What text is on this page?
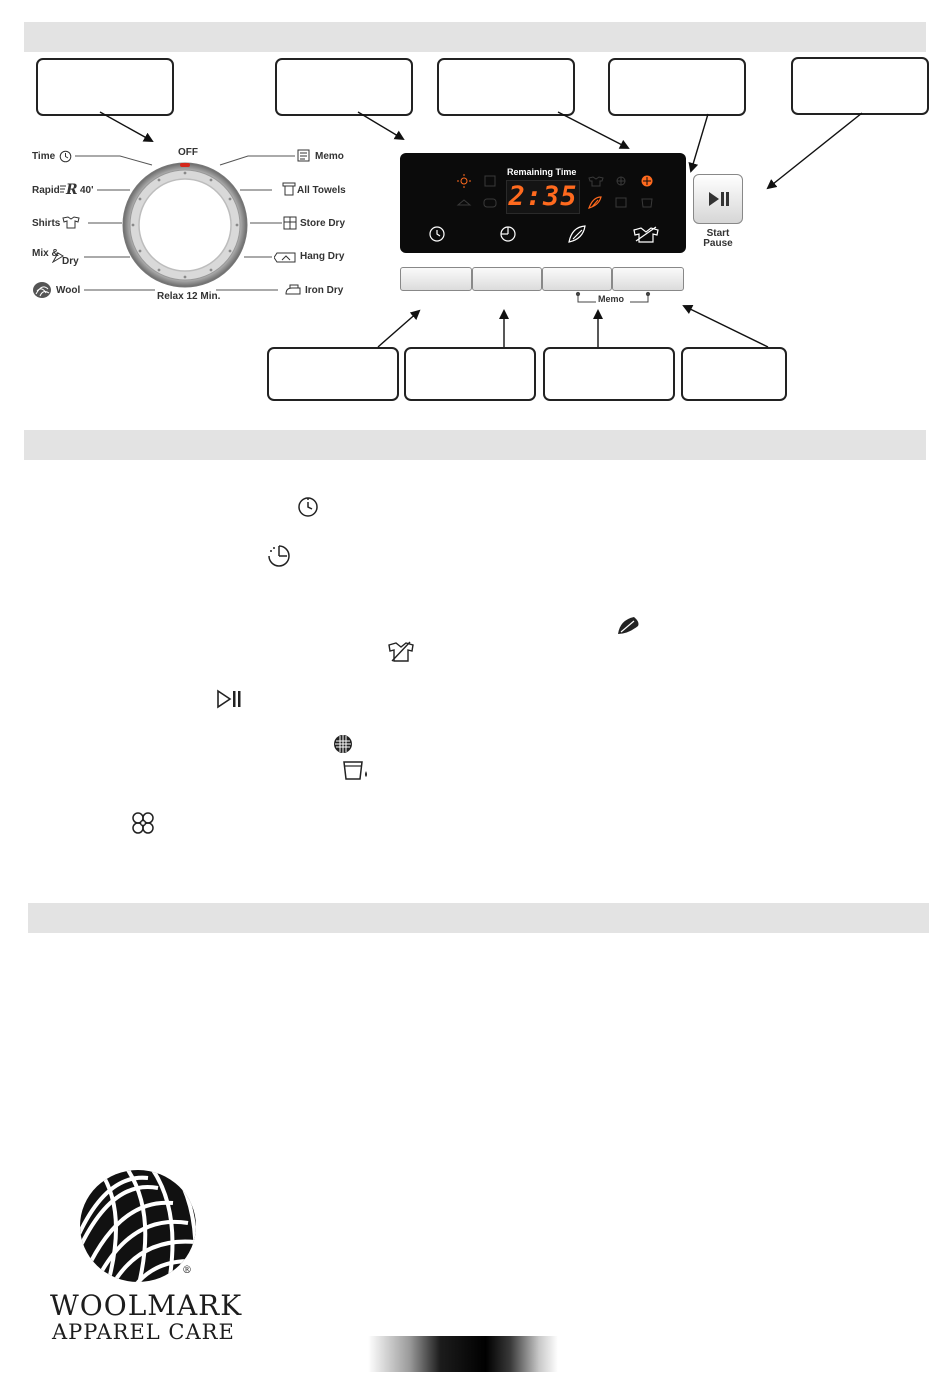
OFF
Relax 12 Min.
Time
Rapid R 40'
Shirts
Mix &
Dry
Wool
Memo
All Towels
Store Dry
Hang Dry
Iron Dry
Remaining Time
2:35
Memo
Start
Pause
®
WOOLMARK
APPAREL CARE
